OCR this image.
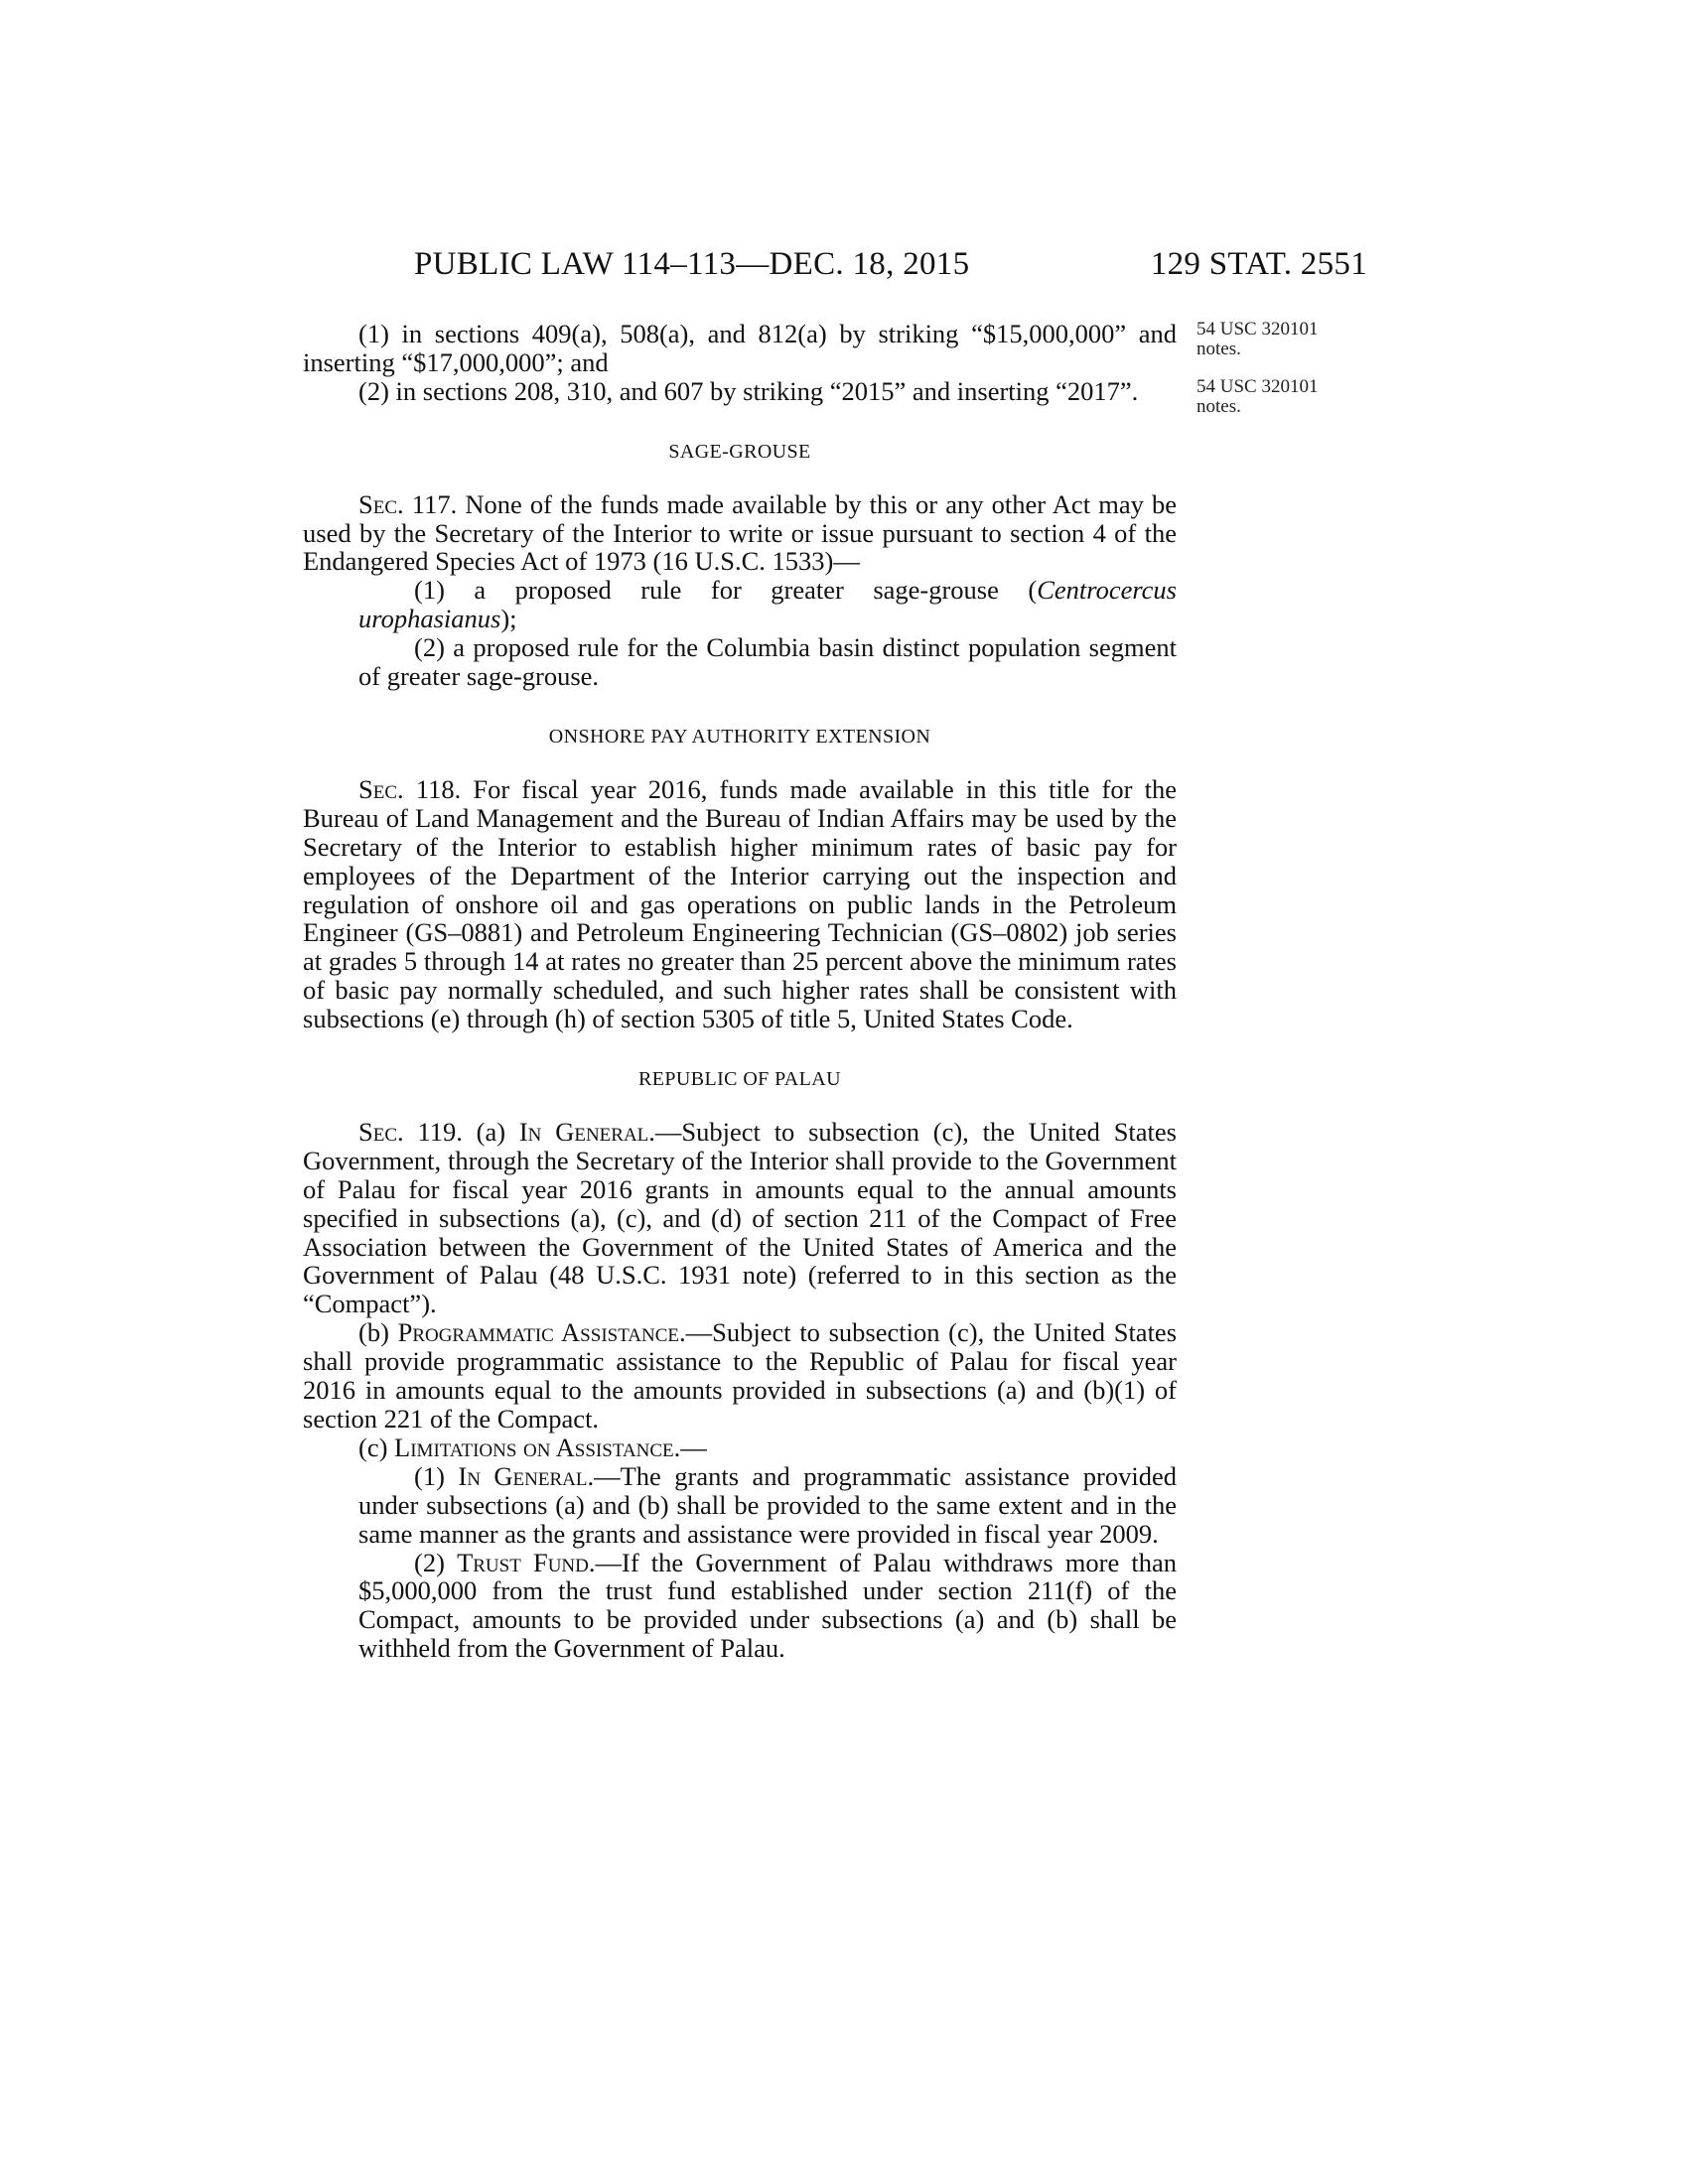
PUBLIC LAW 114–113—DEC. 18, 2015	129 STAT. 2551
54 USC 320101
notes.
54 USC 320101
notes.

(1) in sections 409(a), 508(a), and 812(a) by striking “$15,000,000” and inserting “$17,000,000”; and

(2) in sections 208, 310, and 607 by striking “2015” and inserting “2017”.

SAGE-GROUSE

Sec. 117. None of the funds made available by this or any other Act may be used by the Secretary of the Interior to write or issue pursuant to section 4 of the Endangered Species Act of 1973 (16 U.S.C. 1533)—

(1) a proposed rule for greater sage-grouse (Centrocercus urophasianus);

(2) a proposed rule for the Columbia basin distinct population segment of greater sage-grouse.

ONSHORE PAY AUTHORITY EXTENSION

Sec. 118. For fiscal year 2016, funds made available in this title for the Bureau of Land Management and the Bureau of Indian Affairs may be used by the Secretary of the Interior to establish higher minimum rates of basic pay for employees of the Department of the Interior carrying out the inspection and regulation of onshore oil and gas operations on public lands in the Petroleum Engineer (GS–0881) and Petroleum Engineering Technician (GS–0802) job series at grades 5 through 14 at rates no greater than 25 percent above the minimum rates of basic pay normally scheduled, and such higher rates shall be consistent with subsections (e) through (h) of section 5305 of title 5, United States Code.

REPUBLIC OF PALAU

Sec. 119. (a) In General.—Subject to subsection (c), the United States Government, through the Secretary of the Interior shall provide to the Government of Palau for fiscal year 2016 grants in amounts equal to the annual amounts specified in subsections (a), (c), and (d) of section 211 of the Compact of Free Association between the Government of the United States of America and the Government of Palau (48 U.S.C. 1931 note) (referred to in this section as the “Compact”).

(b) Programmatic Assistance.—Subject to subsection (c), the United States shall provide programmatic assistance to the Republic of Palau for fiscal year 2016 in amounts equal to the amounts provided in subsections (a) and (b)(1) of section 221 of the Compact.

(c) Limitations on Assistance.—

(1) In General.—The grants and programmatic assistance provided under subsections (a) and (b) shall be provided to the same extent and in the same manner as the grants and assistance were provided in fiscal year 2009.

(2) Trust Fund.—If the Government of Palau withdraws more than $5,000,000 from the trust fund established under section 211(f) of the Compact, amounts to be provided under subsections (a) and (b) shall be withheld from the Government of Palau.
